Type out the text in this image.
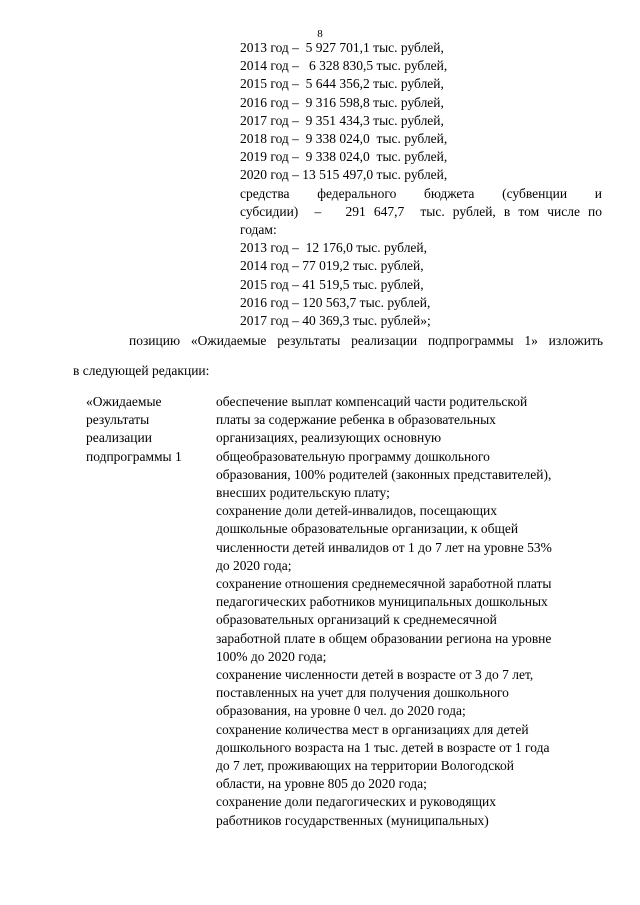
8
2013 год –  5 927 701,1 тыс. рублей,
2014 год –   6 328 830,5 тыс. рублей,
2015 год –  5 644 356,2 тыс. рублей,
2016 год –  9 316 598,8 тыс. рублей,
2017 год –  9 351 434,3 тыс. рублей,
2018 год –  9 338 024,0  тыс. рублей,
2019 год –  9 338 024,0  тыс. рублей,
2020 год – 13 515 497,0 тыс. рублей,
средства    федерального    бюджета    (субвенции    и
субсидии)  –   291 647,7  тыс. рублей, в том числе по
годам:
2013 год –  12 176,0 тыс. рублей,
2014 год – 77 019,2 тыс. рублей,
2015 год – 41 519,5 тыс. рублей,
2016 год – 120 563,7 тыс. рублей,
2017 год – 40 369,3 тыс. рублей»;
позицию «Ожидаемые результаты реализации подпрограммы 1» изложить
в следующей редакции:
«Ожидаемые
результаты
реализации
подпрограммы 1
обеспечение выплат компенсаций части родительской
платы за содержание ребенка в образовательных
организациях, реализующих основную
общеобразовательную программу дошкольного
образования, 100% родителей (законных представителей),
внесших родительскую плату;
сохранение доли детей-инвалидов, посещающих
дошкольные образовательные организации, к общей
численности детей инвалидов от 1 до 7 лет на уровне 53%
до 2020 года;
сохранение отношения среднемесячной заработной платы
педагогических работников муниципальных дошкольных
образовательных организаций к среднемесячной
заработной плате в общем образовании региона на уровне
100% до 2020 года;
сохранение численности детей в возрасте от 3 до 7 лет,
поставленных на учет для получения дошкольного
образования, на уровне 0 чел. до 2020 года;
сохранение количества мест в организациях для детей
дошкольного возраста на 1 тыс. детей в возрасте от 1 года
до 7 лет, проживающих на территории Вологодской
области, на уровне 805 до 2020 года;
сохранение доли педагогических и руководящих
работников государственных (муниципальных)
